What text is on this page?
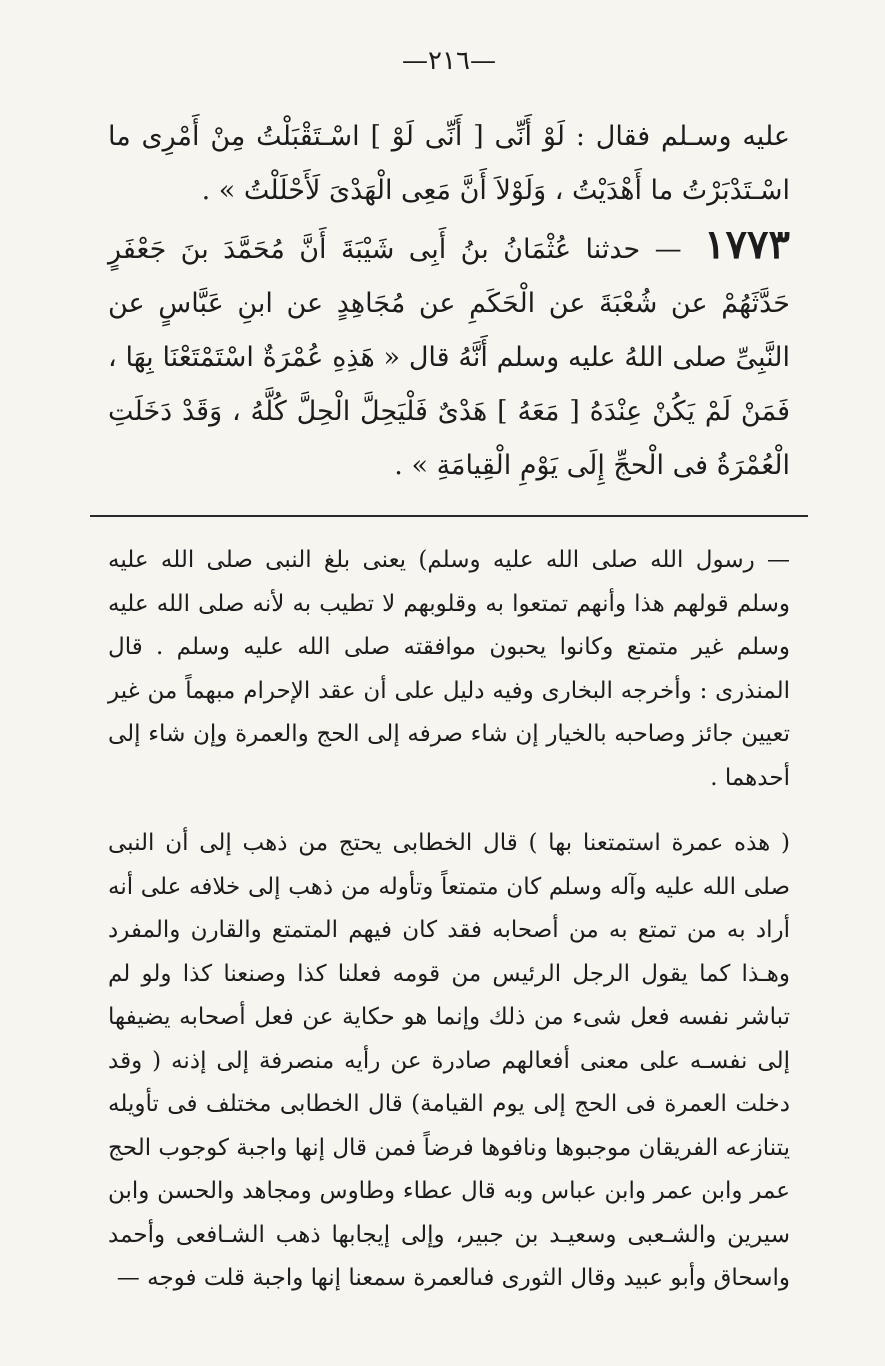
—٢١٦—

عليه وسـلم فقال : لَوْ أَنِّى [ أَنِّى لَوْ ] اسْـتَقْبَلْتُ مِنْ أَمْرِى ما اسْـتَدْبَرْتُ ما أَهْدَيْتُ ، وَلَوْلاَ أَنَّ مَعِى الْهَدْىَ لَأَحْلَلْتُ » .

١٧٧٣ — حدثنا عُثْمَانُ بنُ أَبِى شَيْبَةَ أَنَّ مُحَمَّدَ بنَ جَعْفَرٍ حَدَّثَهُمْ عن شُعْبَةَ عن الْحَكَمِ عن مُجَاهِدٍ عن ابنِ عَبَّاسٍ عن النَّبِىِّ صلى اللهُ عليه وسلم أَنَّهُ قال « هَذِهِ عُمْرَةٌ اسْتَمْتَعْنَا بِهَا ، فَمَنْ لَمْ يَكُنْ عِنْدَهُ [ مَعَهُ ] هَدْىٌ فَلْيَحِلَّ الْحِلَّ كُلَّهُ ، وَقَدْ دَخَلَتِ الْعُمْرَةُ فى الْحجِّ إِلَى يَوْمِ الْقِيامَةِ » .

— رسول الله صلى الله عليه وسلم) يعنى بلغ النبى صلى الله عليه وسلم قولهم هذا وأنهم تمتعوا به وقلوبهم لا تطيب به لأنه صلى الله عليه وسلم غير متمتع وكانوا يحبون موافقته صلى الله عليه وسلم . قال المنذرى : وأخرجه البخارى وفيه دليل على أن عقد الإحرام مبهماً من غير تعيين جائز وصاحبه بالخيار إن شاء صرفه إلى الحج والعمرة وإن شاء إلى أحدهما .

( هذه عمرة استمتعنا بها ) قال الخطابى يحتج من ذهب إلى أن النبى صلى الله عليه وآله وسلم كان متمتعاً وتأوله من ذهب إلى خلافه على أنه أراد به من تمتع به من أصحابه فقد كان فيهم المتمتع والقارن والمفرد وهـذا كما يقول الرجل الرئيس من قومه فعلنا كذا وصنعنا كذا ولو لم تباشر نفسه فعل شىء من ذلك وإنما هو حكاية عن فعل أصحابه يضيفها إلى نفسـه على معنى أفعالهم صادرة عن رأيه منصرفة إلى إذنه ( وقد دخلت العمرة فى الحج إلى يوم القيامة) قال الخطابى مختلف فى تأويله يتنازعه الفريقان موجبوها ونافوها فرضاً فمن قال إنها واجبة كوجوب الحج عمر وابن عمر وابن عباس وبه قال عطاء وطاوس ومجاهد والحسن وابن سيرين والشـعبى وسعيـد بن جبير، وإلى إيجابها ذهب الشـافعى وأحمد واسحاق وأبو عبيد وقال الثورى فىالعمرة سمعنا إنها واجبة قلت فوجه —
